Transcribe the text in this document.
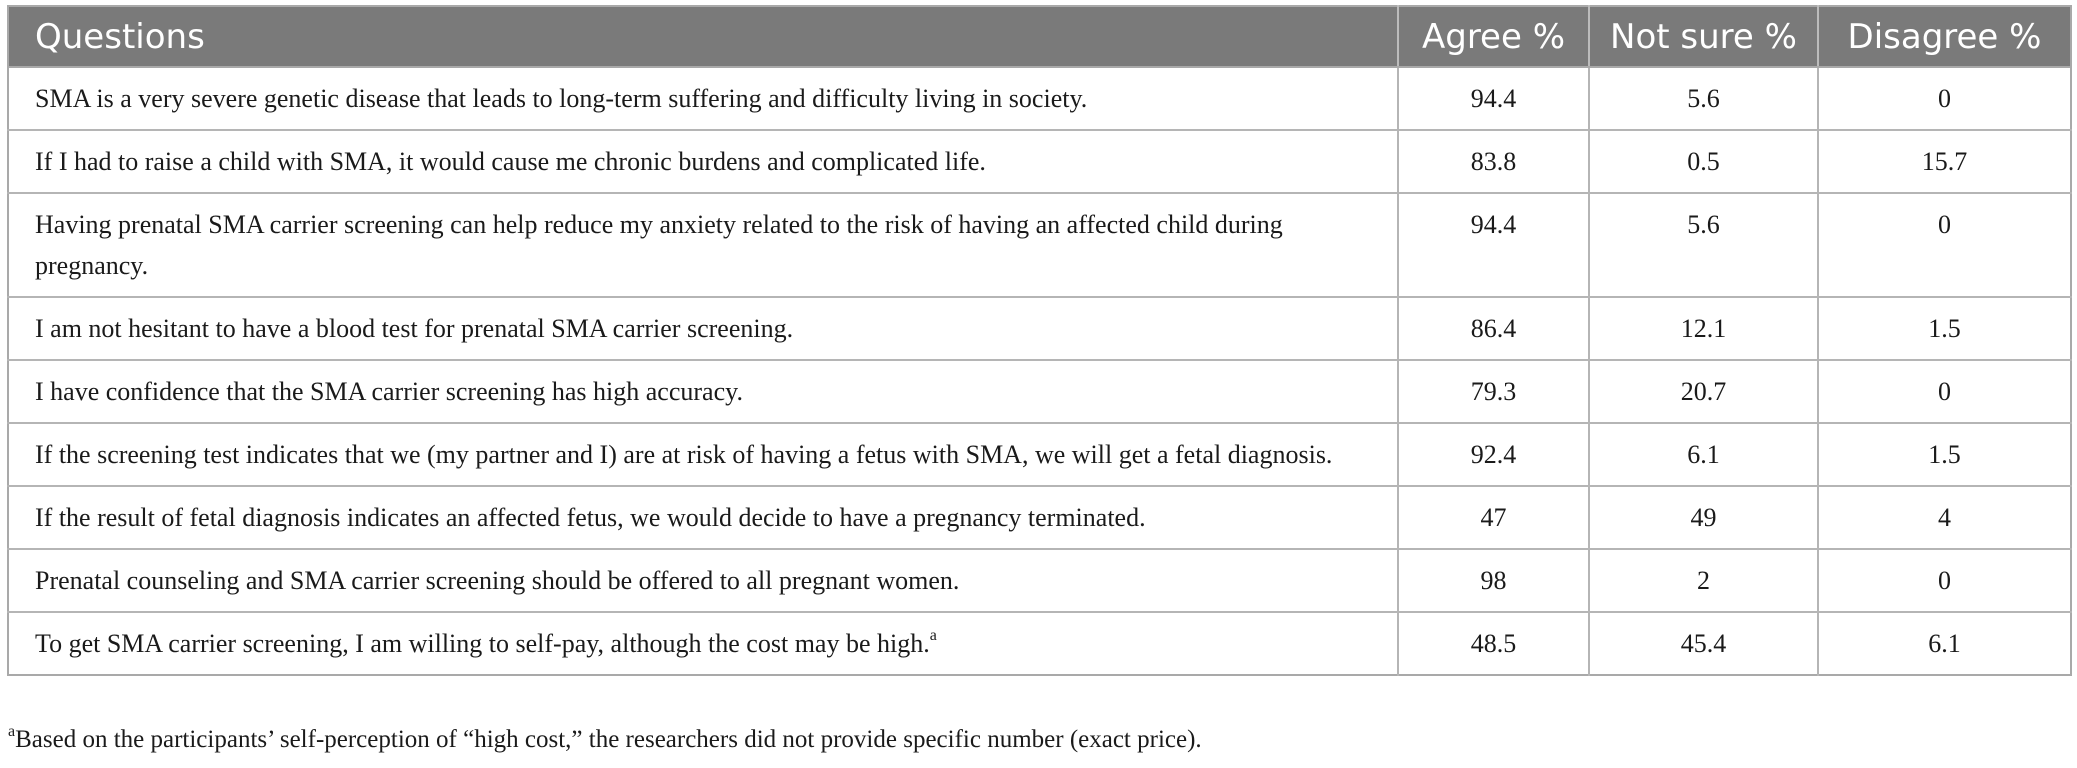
Questions	Agree %	Not sure %	Disagree %
SMA is a very severe genetic disease that leads to long-term suffering and difficulty living in society.	94.4	5.6	0
If I had to raise a child with SMA, it would cause me chronic burdens and complicated life.	83.8	0.5	15.7
Having prenatal SMA carrier screening can help reduce my anxiety related to the risk of having an affected child during pregnancy.	94.4	5.6	0
I am not hesitant to have a blood test for prenatal SMA carrier screening.	86.4	12.1	1.5
I have confidence that the SMA carrier screening has high accuracy.	79.3	20.7	0
If the screening test indicates that we (my partner and I) are at risk of having a fetus with SMA, we will get a fetal diagnosis.	92.4	6.1	1.5
If the result of fetal diagnosis indicates an affected fetus, we would decide to have a pregnancy terminated.	47	49	4
Prenatal counseling and SMA carrier screening should be offered to all pregnant women.	98	2	0
To get SMA carrier screening, I am willing to self-pay, although the cost may be high.$^a$	48.5	45.4	6.1
$^a$Based on the participants’ self-perception of “high cost,” the researchers did not provide specific number (exact price).
